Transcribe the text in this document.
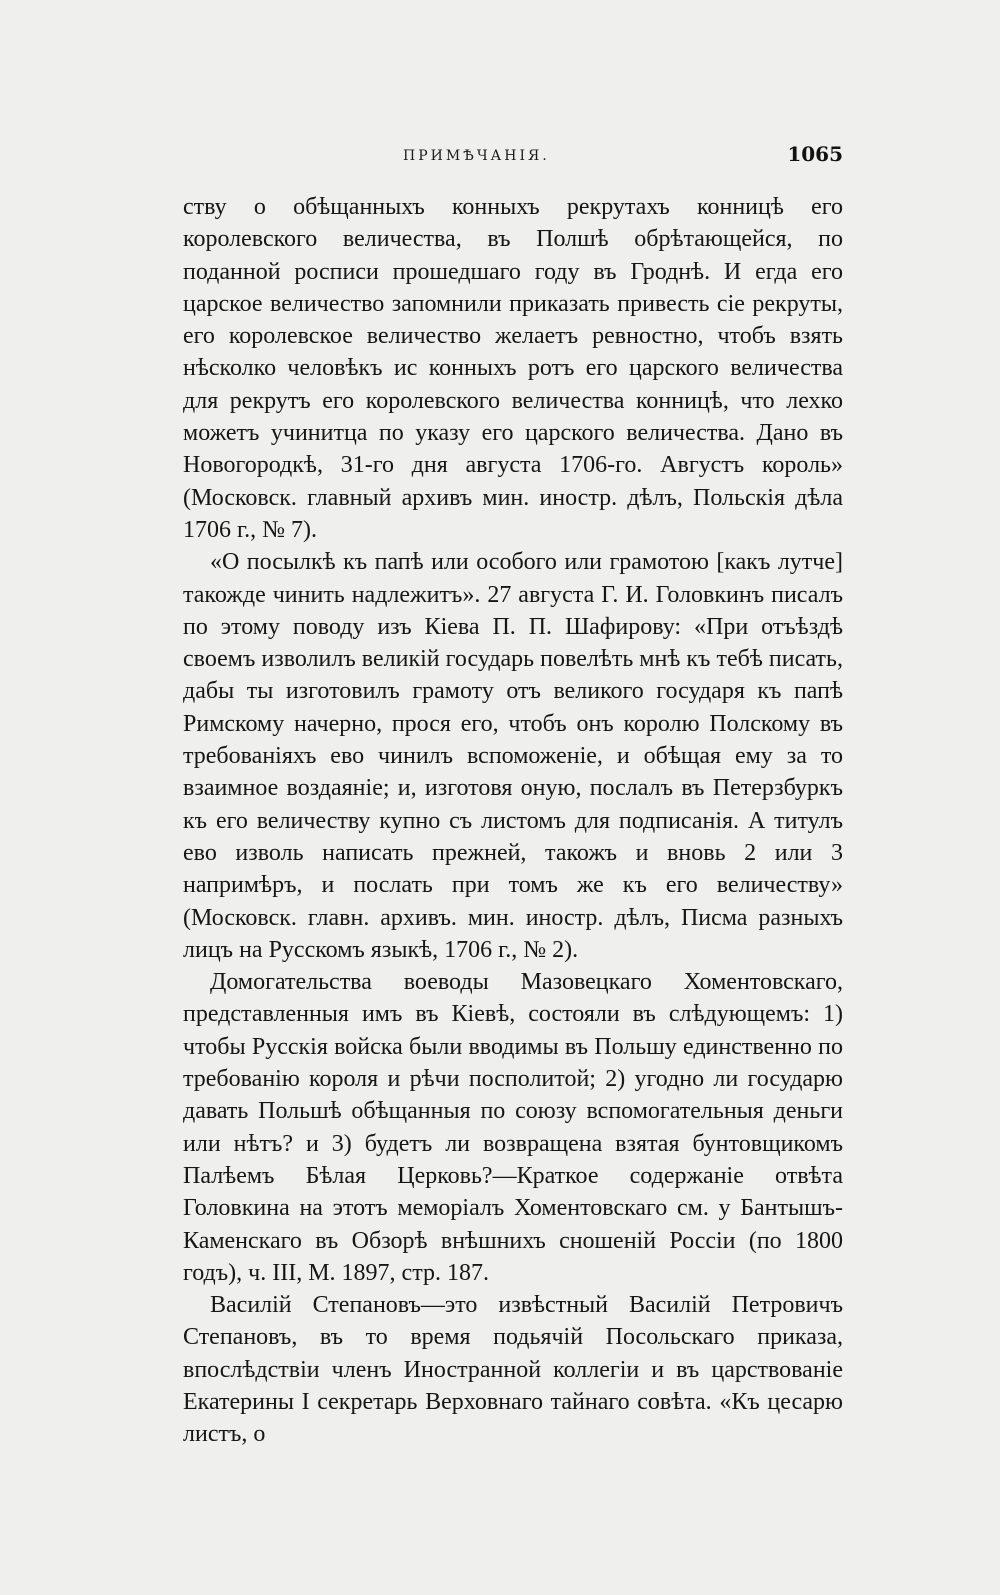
ПРИМѢЧАНІЯ.	1065

ству о обѣщанныхъ конныхъ рекрутахъ конницѣ его королевского величества, въ Полшѣ обрѣтающейся, по поданной росписи прошедшаго году въ Гроднѣ. И егда его царское величество запомнили приказать привесть сіе рекруты, его королевское величество желаетъ ревностно, чтобъ взять нѣсколко человѣкъ ис конныхъ ротъ его царского величества для рекрутъ его королевского величества конницѣ, что лехко можетъ учинитца по указу его царского величества. Дано въ Новогородкѣ, 31-го дня августа 1706-го. Августъ король» (Московск. главный архивъ мин. иностр. дѣлъ, Польскія дѣла 1706 г., № 7).

«О посылкѣ къ папѣ или особого или грамотою [какъ лутче] такожде чинить надлежитъ». 27 августа Г. И. Головкинъ писалъ по этому поводу изъ Кіева П. П. Шафирову: «При отъѣздѣ своемъ изволилъ великій государь повелѣть мнѣ къ тебѣ писать, дабы ты изготовилъ грамоту отъ великого государя къ папѣ Римскому начерно, прося его, чтобъ онъ королю Полскому въ требованіяхъ ево чинилъ вспоможеніе, и обѣщая ему за то взаимное воздаяніе; и, изготовя оную, послалъ въ Петерзбуркъ къ его величеству купно съ листомъ для подписанія. А титулъ ево изволь написать прежней, такожъ и вновь 2 или 3 напримѣръ, и послать при томъ же къ его величеству» (Московск. главн. архивъ. мин. иностр. дѣлъ, Писма разныхъ лицъ на Русскомъ языкѣ, 1706 г., № 2).

Домогательства воеводы Мазовецкаго Хоментовскаго, представленныя имъ въ Кіевѣ, состояли въ слѣдующемъ: 1) чтобы Русскія войска были вводимы въ Польшу единственно по требованію короля и рѣчи посполитой; 2) угодно ли государю давать Польшѣ обѣщанныя по союзу вспомогательныя деньги или нѣтъ? и 3) будетъ ли возвращена взятая бунтовщикомъ Палѣемъ Бѣлая Церковь?—Краткое содержаніе отвѣта Головкина на этотъ меморіалъ Хоментовскаго см. у Бантышъ-Каменскаго въ Обзорѣ внѣшнихъ сношеній Россіи (по 1800 годъ), ч. III, М. 1897, стр. 187.

Василій Степановъ—это извѣстный Василій Петровичъ Степановъ, въ то время подьячій Посольскаго приказа, впослѣдствіи членъ Иностранной коллегіи и въ царствованіе Екатерины I секретарь Верховнаго тайнаго совѣта. «Къ цесарю листъ, о
